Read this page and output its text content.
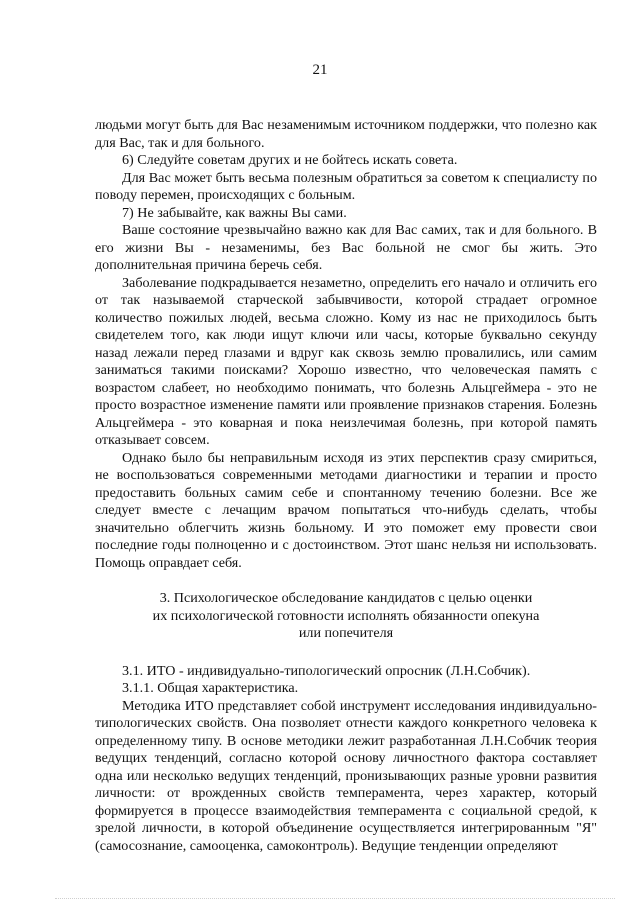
21

людьми могут быть для Вас незаменимым источником поддержки, что полезно как для Вас, так и для больного.

6) Следуйте советам других и не бойтесь искать совета.

Для Вас может быть весьма полезным обратиться за советом к специалисту по поводу перемен, происходящих с больным.

7) Не забывайте, как важны Вы сами.

Ваше состояние чрезвычайно важно как для Вас самих, так и для больного. В его жизни Вы - незаменимы, без Вас больной не смог бы жить. Это дополнительная причина беречь себя.

Заболевание подкрадывается незаметно, определить его начало и отличить его от так называемой старческой забывчивости, которой страдает огромное количество пожилых людей, весьма сложно. Кому из нас не приходилось быть свидетелем того, как люди ищут ключи или часы, которые буквально секунду назад лежали перед глазами и вдруг как сквозь землю провалились, или самим заниматься такими поисками? Хорошо известно, что человеческая память с возрастом слабеет, но необходимо понимать, что болезнь Альцгеймера - это не просто возрастное изменение памяти или проявление признаков старения. Болезнь Альцгеймера - это коварная и пока неизлечимая болезнь, при которой память отказывает совсем.

Однако было бы неправильным исходя из этих перспектив сразу смириться, не воспользоваться современными методами диагностики и терапии и просто предоставить больных самим себе и спонтанному течению болезни. Все же следует вместе с лечащим врачом попытаться что-нибудь сделать, чтобы значительно облегчить жизнь больному. И это поможет ему провести свои последние годы полноценно и с достоинством. Этот шанс нельзя ни использовать. Помощь оправдает себя.

3. Психологическое обследование кандидатов с целью оценки
их психологической готовности исполнять обязанности опекуна
или попечителя

3.1. ИТО - индивидуально-типологический опросник (Л.Н.Собчик).

3.1.1. Общая характеристика.

Методика ИТО представляет собой инструмент исследования индивидуально-типологических свойств. Она позволяет отнести каждого конкретного человека к определенному типу. В основе методики лежит разработанная Л.Н.Собчик теория ведущих тенденций, согласно которой основу личностного фактора составляет одна или несколько ведущих тенденций, пронизывающих разные уровни развития личности: от врожденных свойств темперамента, через характер, который формируется в процессе взаимодействия темперамента с социальной средой, к зрелой личности, в которой объединение осуществляется интегрированным "Я" (самосознание, самооценка, самоконтроль). Ведущие тенденции определяют
